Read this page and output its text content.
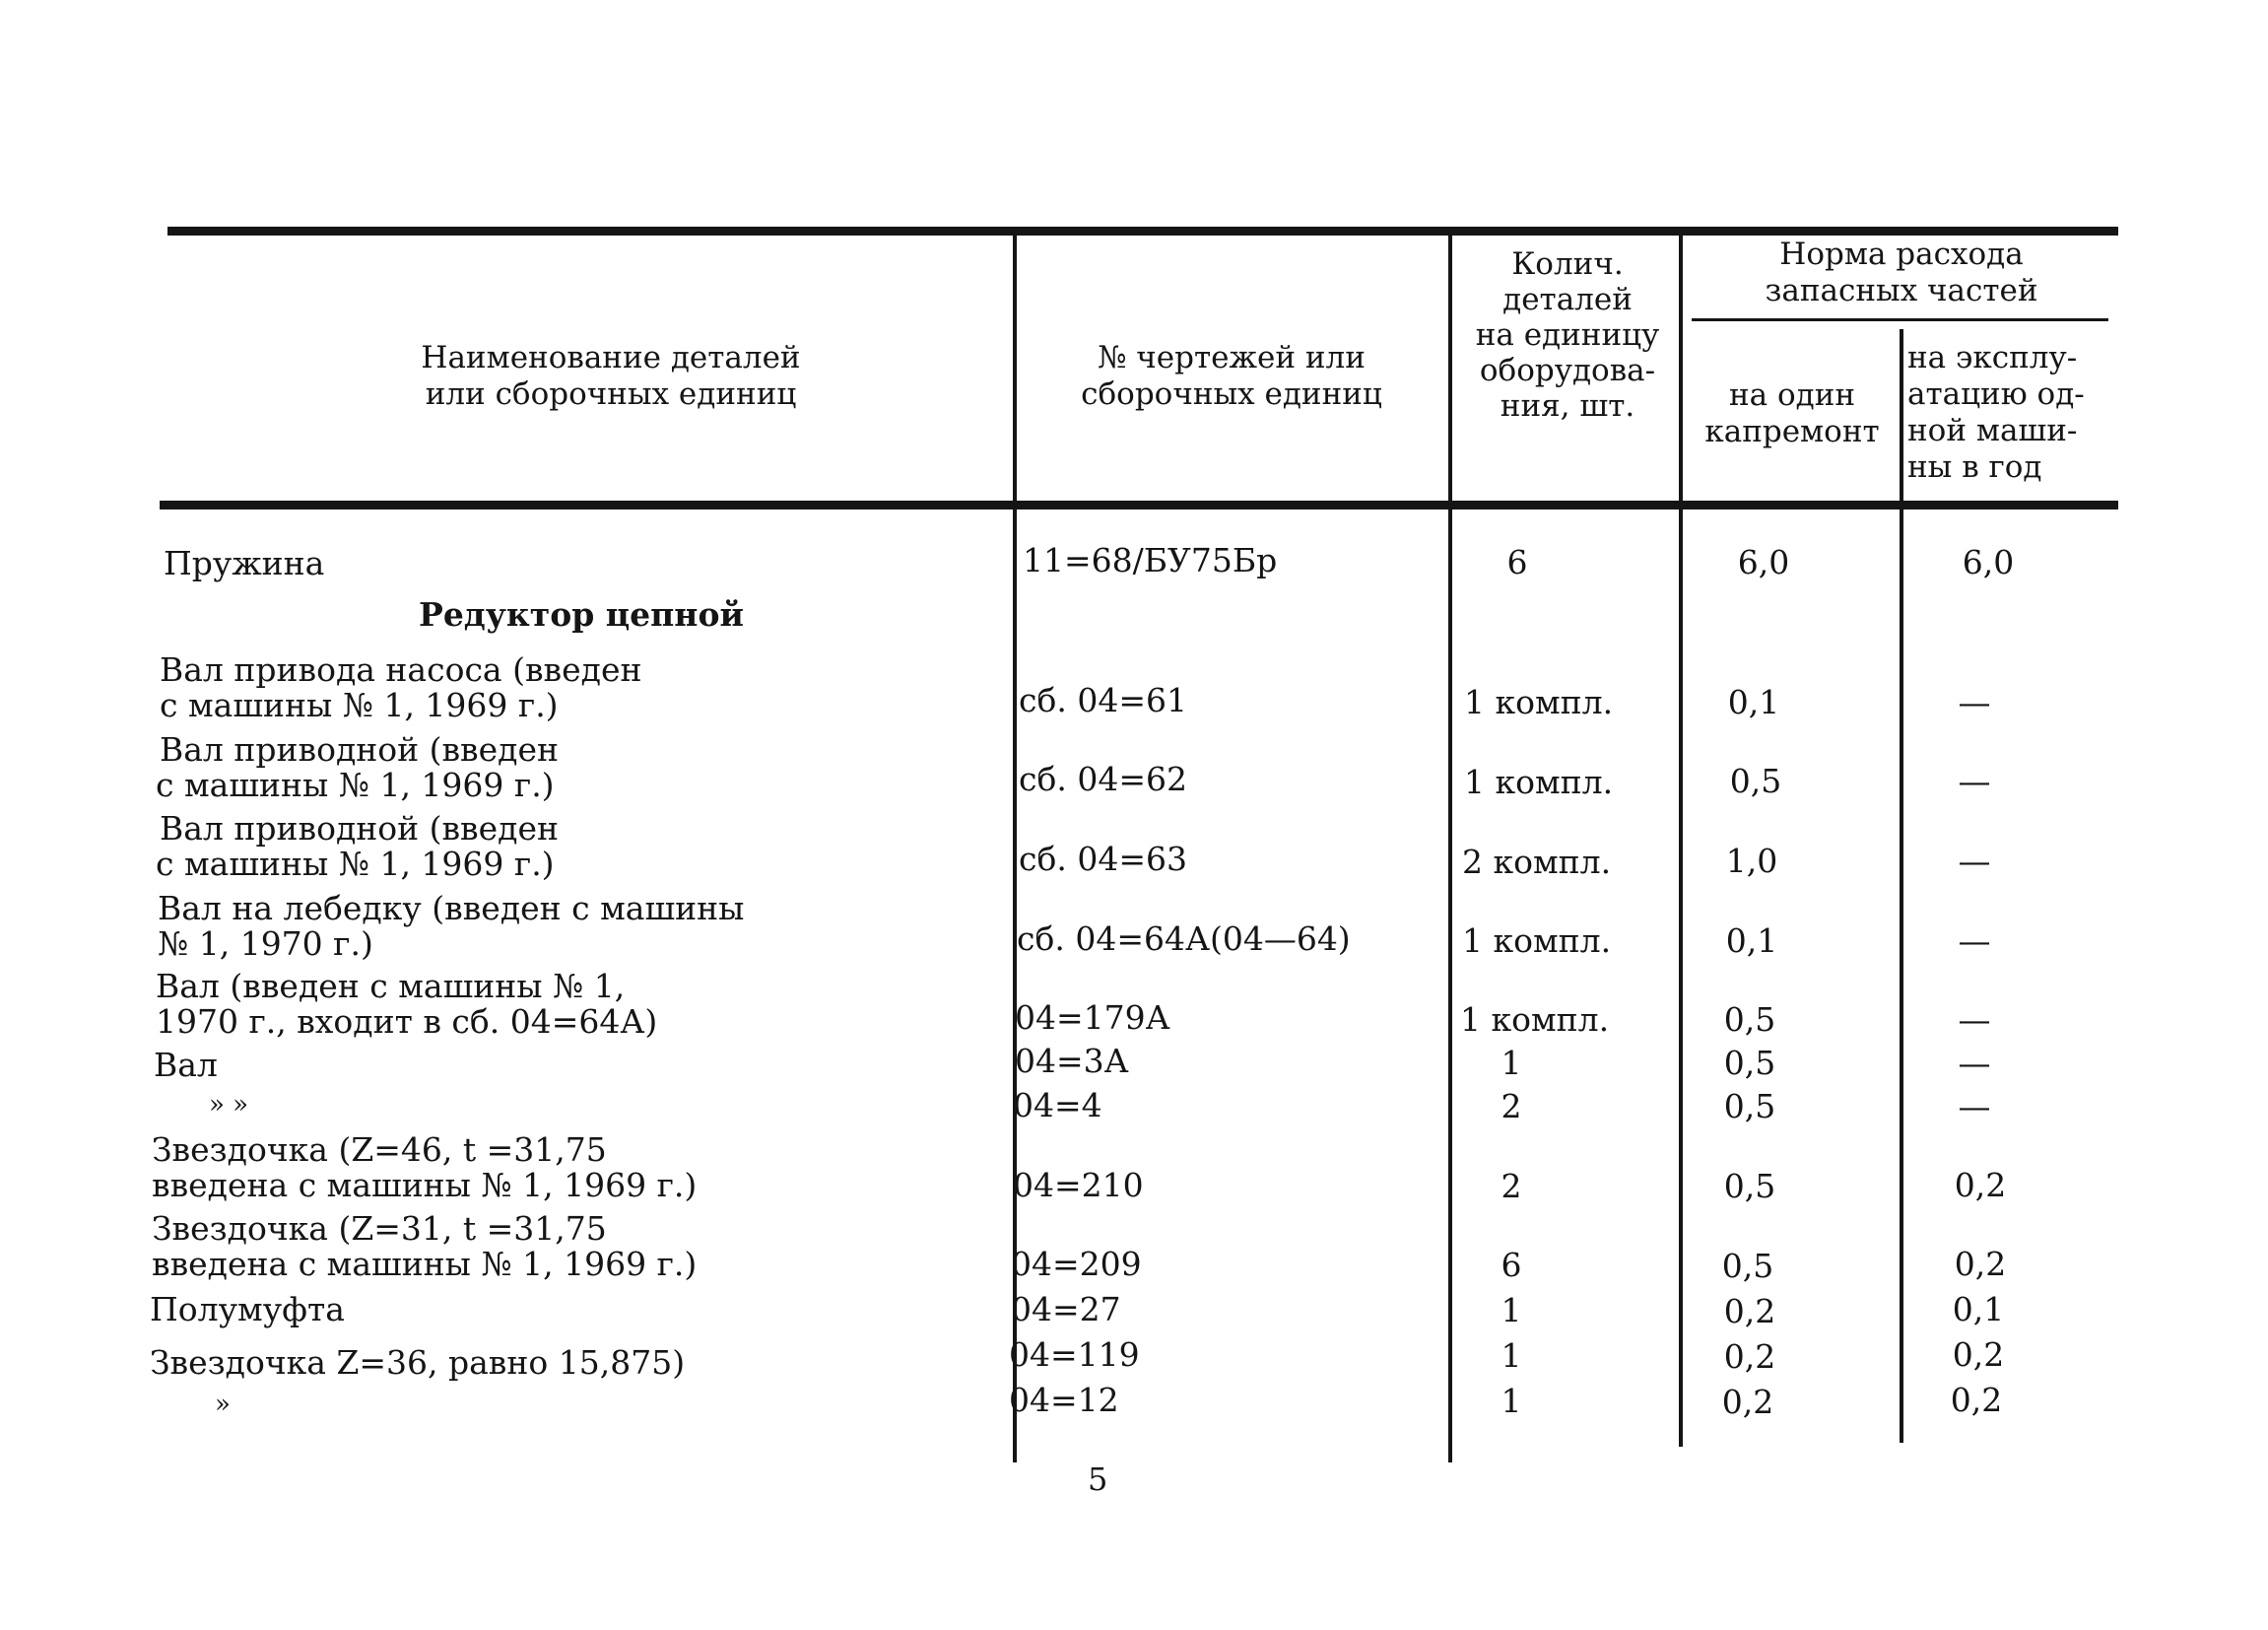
Наименование деталей
или сборочных единиц
№ чертежей или
сборочных единиц
Колич.
деталей
на единицу
оборудова-
ния, шт.
Норма расхода
запасных частей
на один
капремонт
на эксплу-
атацию од-
ной маши-
ны в год
Пружина	11=68/БУ75Бр	6	6,0	6,0
Редуктор цепной
Вал привода насоса (введен
с машины № 1, 1969 г.)	сб. 04=61	1 компл.	0,1	—
Вал приводной (введен
с машины № 1, 1969 г.)	сб. 04=62	1 компл.	0,5	—
Вал приводной (введен
с машины № 1, 1969 г.)	сб. 04=63	2 компл.	1,0	—
Вал на лебедку (введен с машины
№ 1, 1970 г.)	сб. 04=64А(04—64)	1 компл.	0,1	—
Вал (введен с машины № 1,
1970 г., входит в сб. 04=64А)	04=179А	1 компл.	0,5	—
Вал	04=3А	1	0,5	—
» »	04=4	2	0,5	—
Звездочка (Z=46, t =31,75
введена с машины № 1, 1969 г.)	04=210	2	0,5	0,2
Звездочка (Z=31, t =31,75
введена с машины № 1, 1969 г.)	04=209	6	0,5	0,2
Полумуфта	04=27	1	0,2	0,1
Звездочка Z=36, равно 15,875)	04=119	1	0,2	0,2
»	04=12	1	0,2	0,2
5
